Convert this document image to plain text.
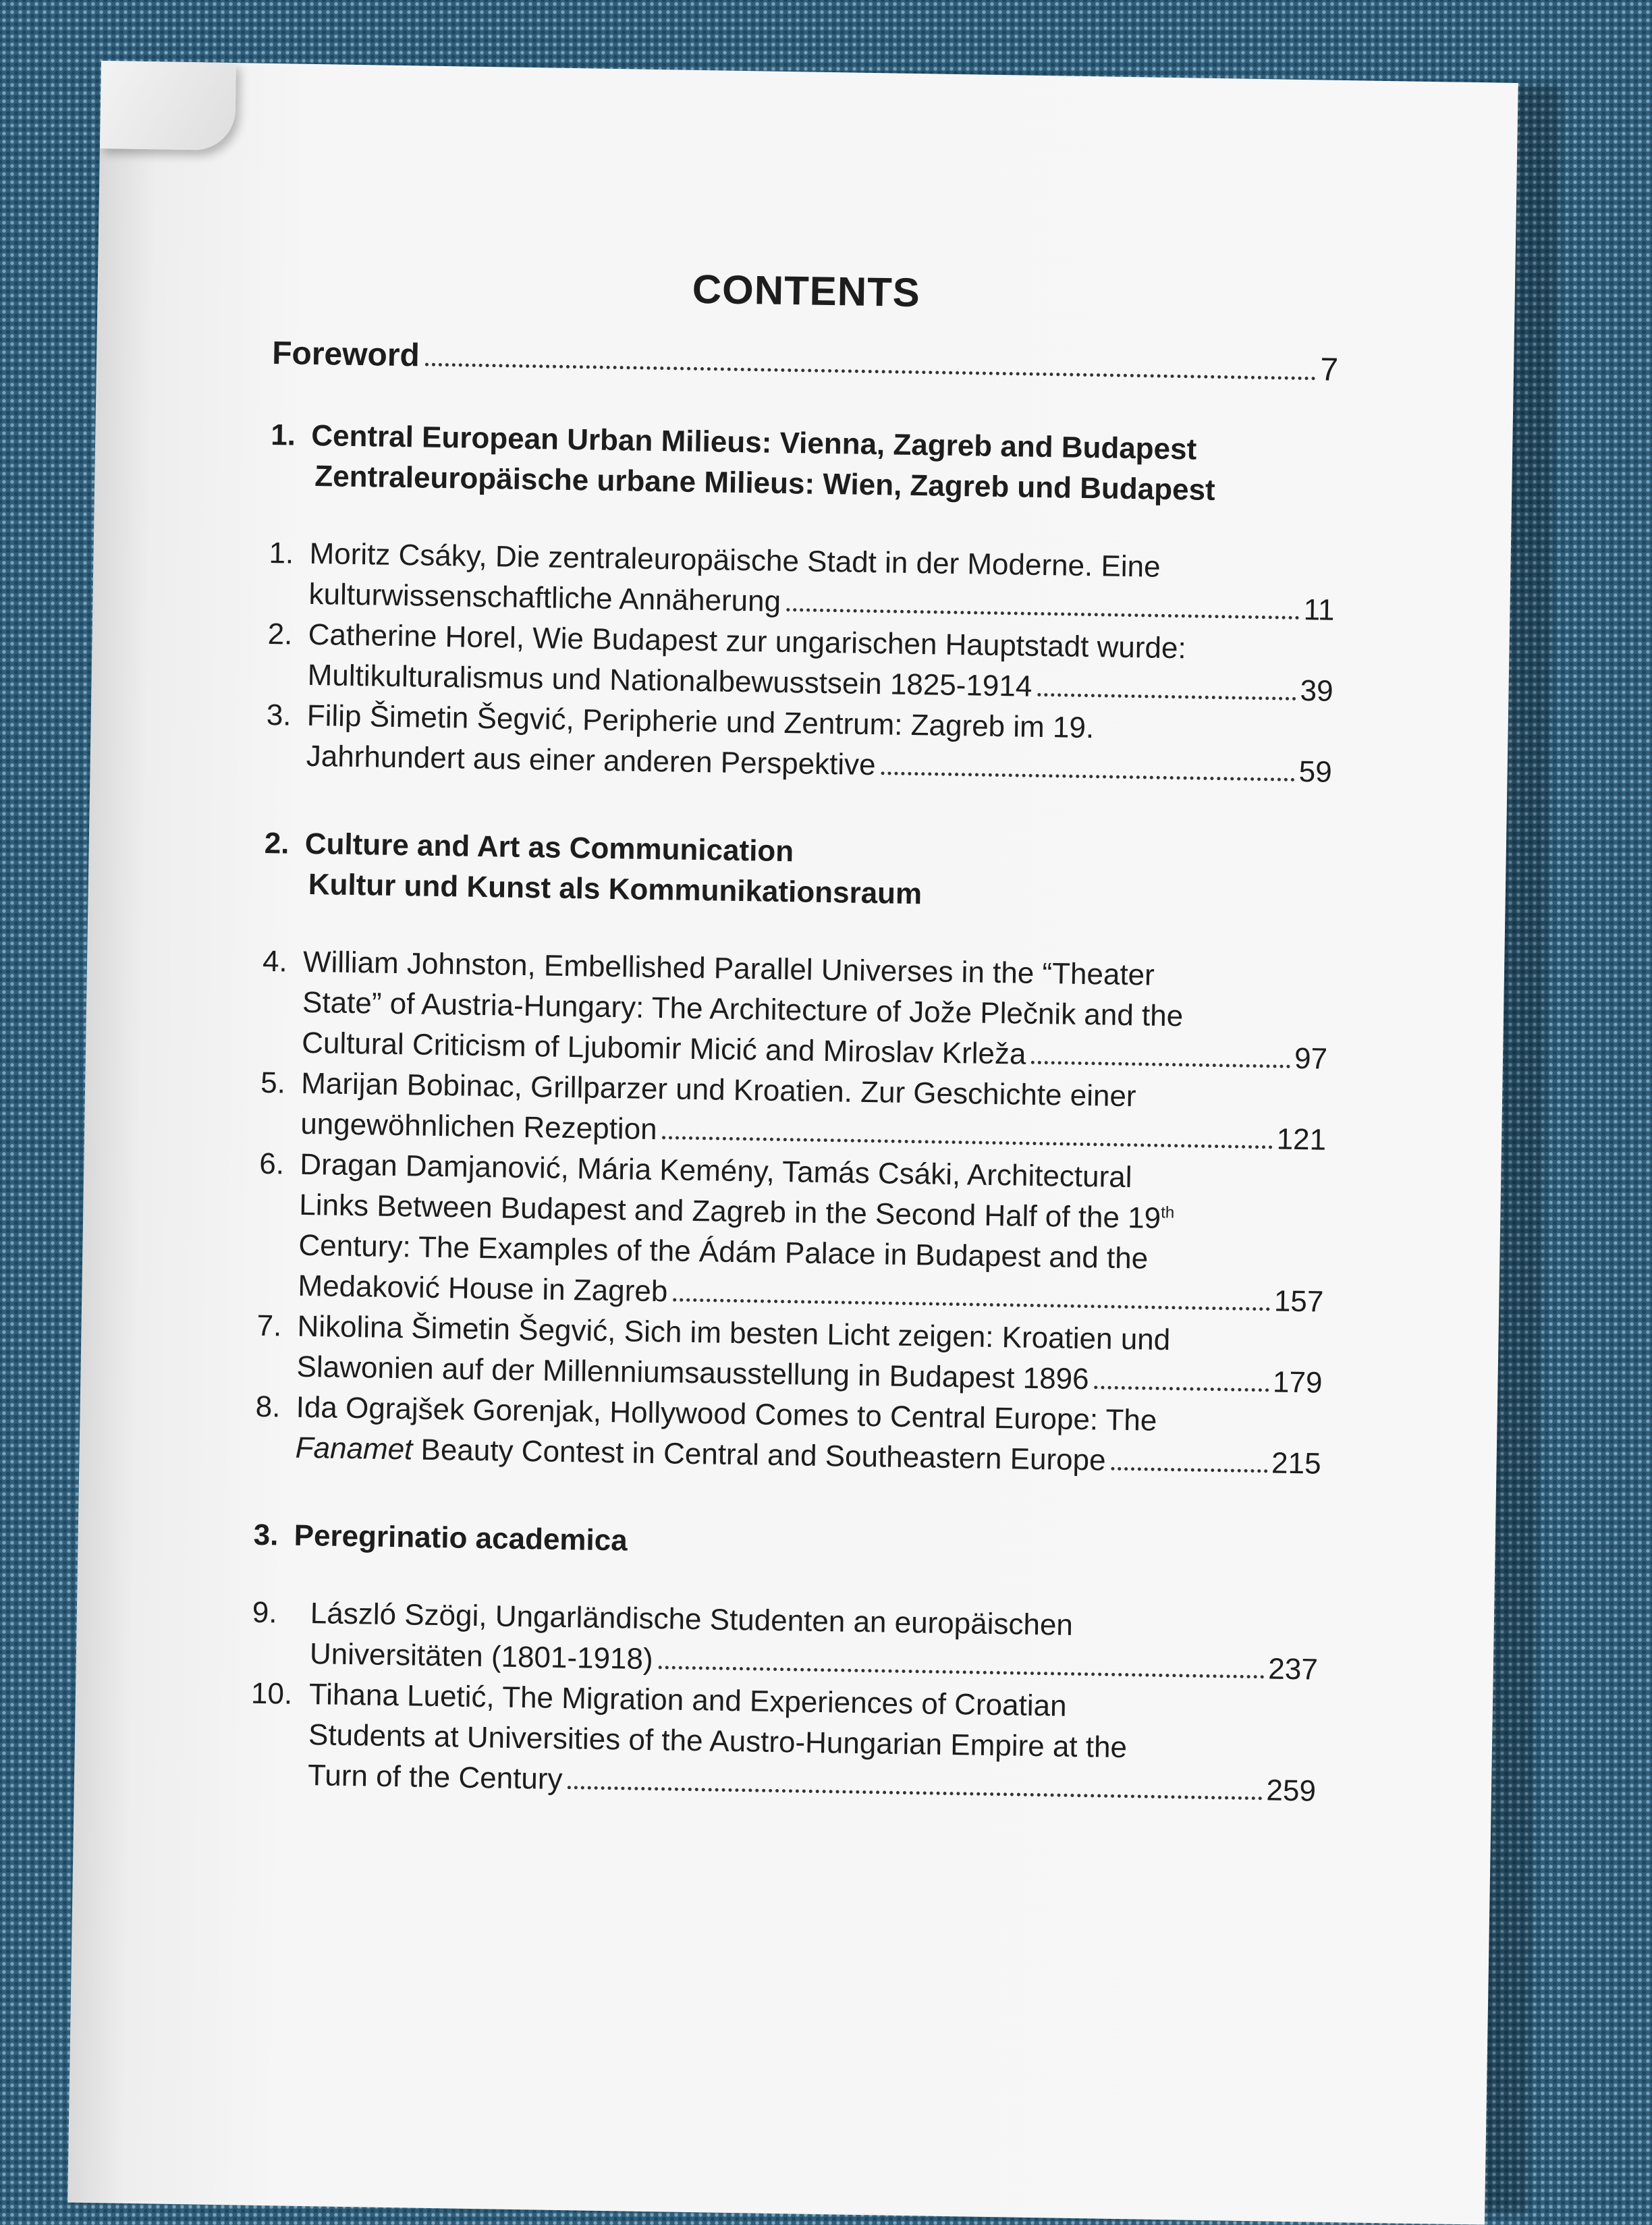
CONTENTS
Foreword	7
1. Central European Urban Milieus: Vienna, Zagreb and Budapest
Zentraleuropäische urbane Milieus: Wien, Zagreb und Budapest
1. Moritz Csáky, Die zentraleuropäische Stadt in der Moderne. Eine
kulturwissenschaftliche Annäherung	11
2. Catherine Horel, Wie Budapest zur ungarischen Hauptstadt wurde:
Multikulturalismus und Nationalbewusstsein 1825-1914	39
3. Filip Šimetin Šegvić, Peripherie und Zentrum: Zagreb im 19.
Jahrhundert aus einer anderen Perspektive	59
2. Culture and Art as Communication
Kultur und Kunst als Kommunikationsraum
4. William Johnston, Embellished Parallel Universes in the “Theater
State” of Austria-Hungary: The Architecture of Jože Plečnik and the
Cultural Criticism of Ljubomir Micić and Miroslav Krleža	97
5. Marijan Bobinac, Grillparzer und Kroatien. Zur Geschichte einer
ungewöhnlichen Rezeption	121
6. Dragan Damjanović, Mária Kemény, Tamás Csáki, Architectural
Links Between Budapest and Zagreb in the Second Half of the 19th
Century: The Examples of the Ádám Palace in Budapest and the
Medaković House in Zagreb	157
7. Nikolina Šimetin Šegvić, Sich im besten Licht zeigen: Kroatien und
Slawonien auf der Millenniumsausstellung in Budapest 1896	179
8. Ida Ograjšek Gorenjak, Hollywood Comes to Central Europe: The
Fanamet Beauty Contest in Central and Southeastern Europe	215
3. Peregrinatio academica
9.	László Szögi, Ungarländische Studenten an europäischen
Universitäten (1801-1918)	237
10. Tihana Luetić, The Migration and Experiences of Croatian
Students at Universities of the Austro-Hungarian Empire at the
Turn of the Century	259
